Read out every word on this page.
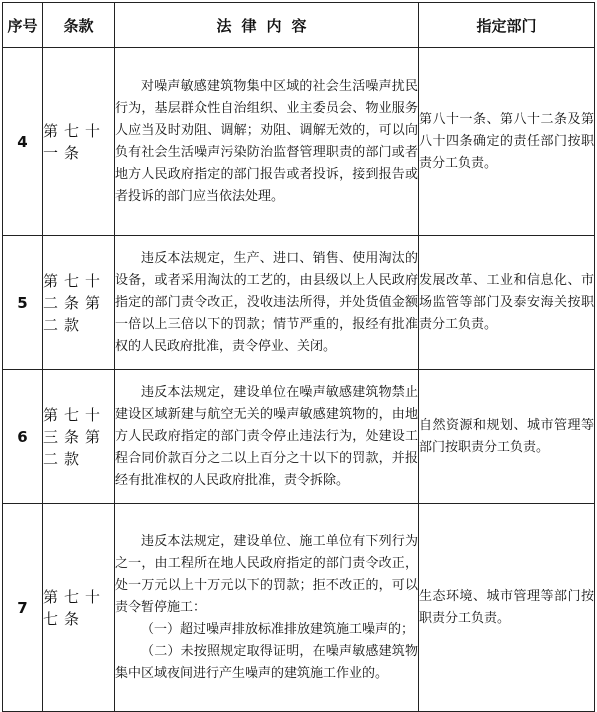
序号	条款	法律内容	指定部门
4	第七十一条	对噪声敏感建筑物集中区域的社会生活噪声扰民行为，基层群众性自治组织、业主委员会、物业服务人应当及时劝阻、调解；劝阻、调解无效的，可以向负有社会生活噪声污染防治监督管理职责的部门或者地方人民政府指定的部门报告或者投诉，接到报告或者投诉的部门应当依法处理。	第八十一条、第八十二条及第八十四条确定的责任部门按职责分工负责。
5	第七十二条第二款	违反本法规定，生产、进口、销售、使用淘汰的设备，或者采用淘汰的工艺的，由县级以上人民政府指定的部门责令改正，没收违法所得，并处货值金额一倍以上三倍以下的罚款；情节严重的，报经有批准权的人民政府批准，责令停业、关闭。	发展改革、工业和信息化、市场监管等部门及泰安海关按职责分工负责。
6	第七十三条第二款	违反本法规定，建设单位在噪声敏感建筑物禁止建设区域新建与航空无关的噪声敏感建筑物的，由地方人民政府指定的部门责令停止违法行为，处建设工程合同价款百分之二以上百分之十以下的罚款，并报经有批准权的人民政府批准，责令拆除。	自然资源和规划、城市管理等部门按职责分工负责。
7	第七十七条	违反本法规定，建设单位、施工单位有下列行为之一，由工程所在地人民政府指定的部门责令改正，处一万元以上十万元以下的罚款；拒不改正的，可以责令暂停施工：

（一）超过噪声排放标准排放建筑施工噪声的；

（二）未按照规定取得证明，在噪声敏感建筑物集中区域夜间进行产生噪声的建筑施工作业的。	生态环境、城市管理等部门按职责分工负责。
